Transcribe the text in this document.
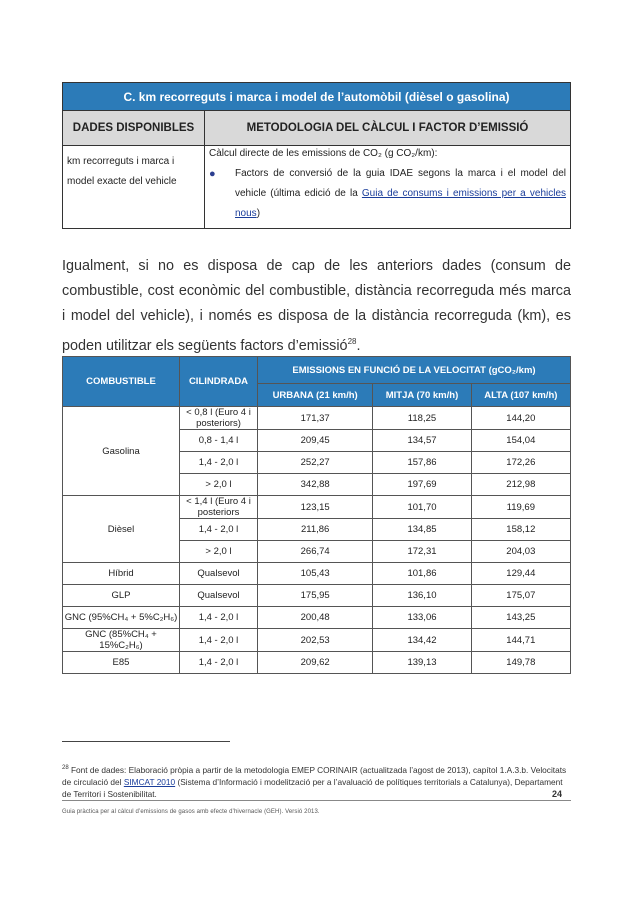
C. km recorreguts i marca i model de l’automòbil (dièsel o gasolina)	
DADES DISPONIBLES	METODOLOGIA DEL CÀLCUL I FACTOR D’EMISSIÓ
km recorreguts i marca i model exacte del vehicle	Càlcul directe de les emissions de CO₂ (g CO₂/km):
● Factors de conversió de la guia IDAE segons la marca i el model del vehicle (última edició de la Guia de consums i emissions per a vehicles nous)

Igualment, si no es disposa de cap de les anteriors dades (consum de combustible, cost econòmic del combustible, distància recorreguda més marca i model del vehicle), i només es disposa de la distància recorreguda (km), es poden utilitzar els següents factors d’emissió$^{28}$.

COMBUSTIBLE	CILINDRADA	EMISSIONS EN FUNCIÓ DE LA VELOCITAT (gCO₂/km)		
		URBANA (21 km/h)	MITJA (70 km/h)	ALTA (107 km/h)
Gasolina	< 0,8 l (Euro 4 i posteriors)	171,37	118,25	144,20
	0,8 - 1,4 l	209,45	134,57	154,04
	1,4 - 2,0 l	252,27	157,86	172,26
	> 2,0 l	342,88	197,69	212,98
Dièsel	< 1,4 l (Euro 4 i posteriors	123,15	101,70	119,69
	1,4 - 2,0 l	211,86	134,85	158,12
	> 2,0 l	266,74	172,31	204,03
Híbrid	Qualsevol	105,43	101,86	129,44
GLP	Qualsevol	175,95	136,10	175,07
GNC (95%CH₄ + 5%C₂H₆)	1,4 - 2,0 l	200,48	133,06	143,25
GNC (85%CH₄ + 15%C₂H₆)	1,4 - 2,0 l	202,53	134,42	144,71
E85	1,4 - 2,0 l	209,62	139,13	149,78
$^{28}$ Font de dades: Elaboració pròpia a partir de la metodologia EMEP CORINAIR (actualitzada l’agost de 2013), capítol 1.A.3.b. Velocitats de circulació del SIMCAT 2010 (Sistema d’Informació i modelització per a l’avaluació de polítiques territorials a Catalunya), Departament de Territori i Sostenibilitat.	24
Guia pràctica per al càlcul d’emissions de gasos amb efecte d’hivernacle (GEH). Versió 2013.
